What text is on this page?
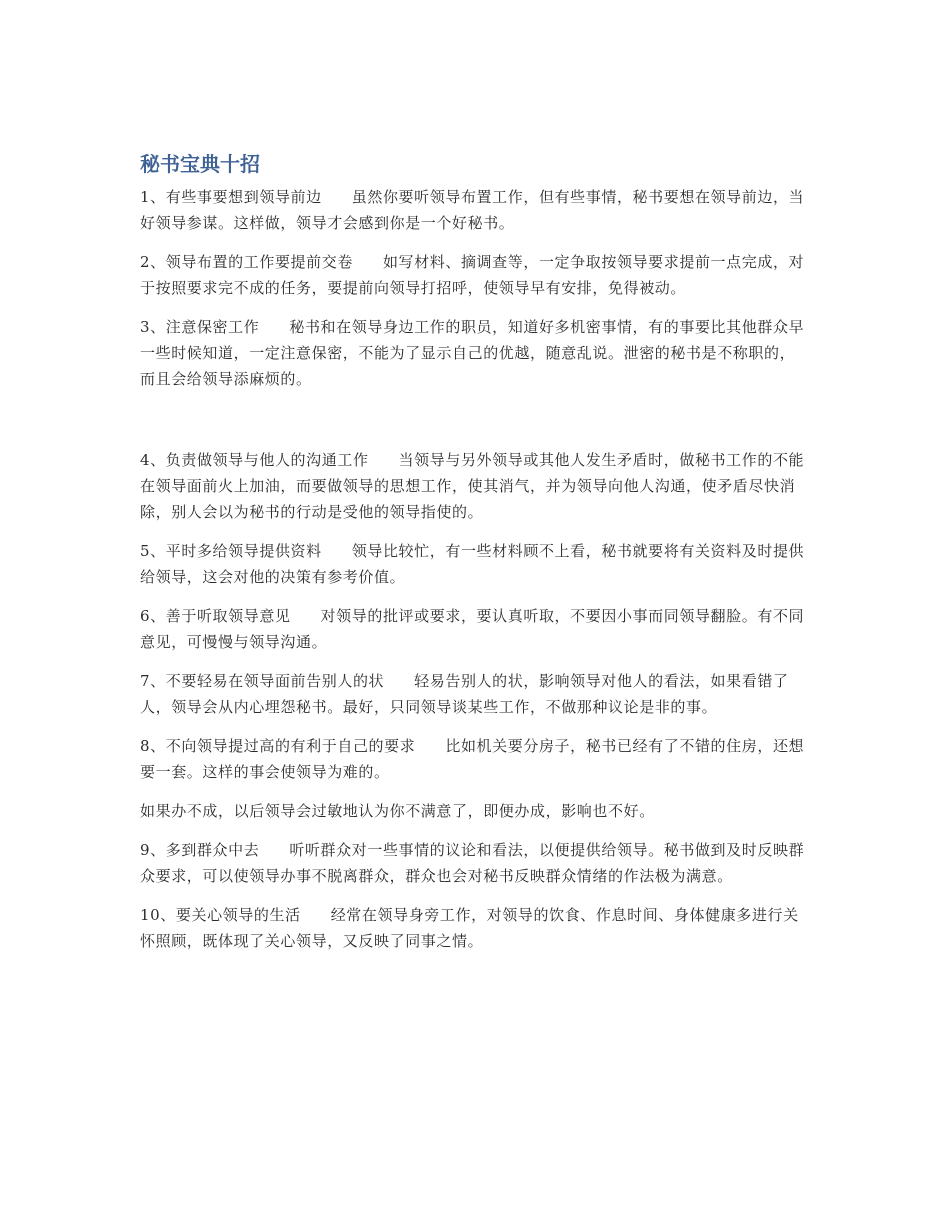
秘书宝典十招

1、有些事要想到领导前边 虽然你要听领导布置工作，但有些事情，秘书要想在领导前边，当好领导参谋。这样做，领导才会感到你是一个好秘书。

2、领导布置的工作要提前交卷 如写材料、摘调查等，一定争取按领导要求提前一点完成，对于按照要求完不成的任务，要提前向领导打招呼，使领导早有安排，免得被动。

3、注意保密工作 秘书和在领导身边工作的职员，知道好多机密事情，有的事要比其他群众早一些时候知道，一定注意保密，不能为了显示自己的优越，随意乱说。泄密的秘书是不称职的，而且会给领导添麻烦的。

4、负责做领导与他人的沟通工作 当领导与另外领导或其他人发生矛盾时，做秘书工作的不能在领导面前火上加油，而要做领导的思想工作，使其消气，并为领导向他人沟通，使矛盾尽快消除，别人会以为秘书的行动是受他的领导指使的。

5、平时多给领导提供资料 领导比较忙，有一些材料顾不上看，秘书就要将有关资料及时提供给领导，这会对他的决策有参考价值。

6、善于听取领导意见 对领导的批评或要求，要认真听取，不要因小事而同领导翻脸。有不同意见，可慢慢与领导沟通。

7、不要轻易在领导面前告别人的状 轻易告别人的状，影响领导对他人的看法，如果看错了人，领导会从内心埋怨秘书。最好，只同领导谈某些工作，不做那种议论是非的事。

8、不向领导提过高的有利于自己的要求 比如机关要分房子，秘书已经有了不错的住房，还想要一套。这样的事会使领导为难的。

如果办不成，以后领导会过敏地认为你不满意了，即便办成，影响也不好。

9、多到群众中去 听听群众对一些事情的议论和看法，以便提供给领导。秘书做到及时反映群众要求，可以使领导办事不脱离群众，群众也会对秘书反映群众情绪的作法极为满意。

10、要关心领导的生活 经常在领导身旁工作，对领导的饮食、作息时间、身体健康多进行关怀照顾，既体现了关心领导，又反映了同事之情。
